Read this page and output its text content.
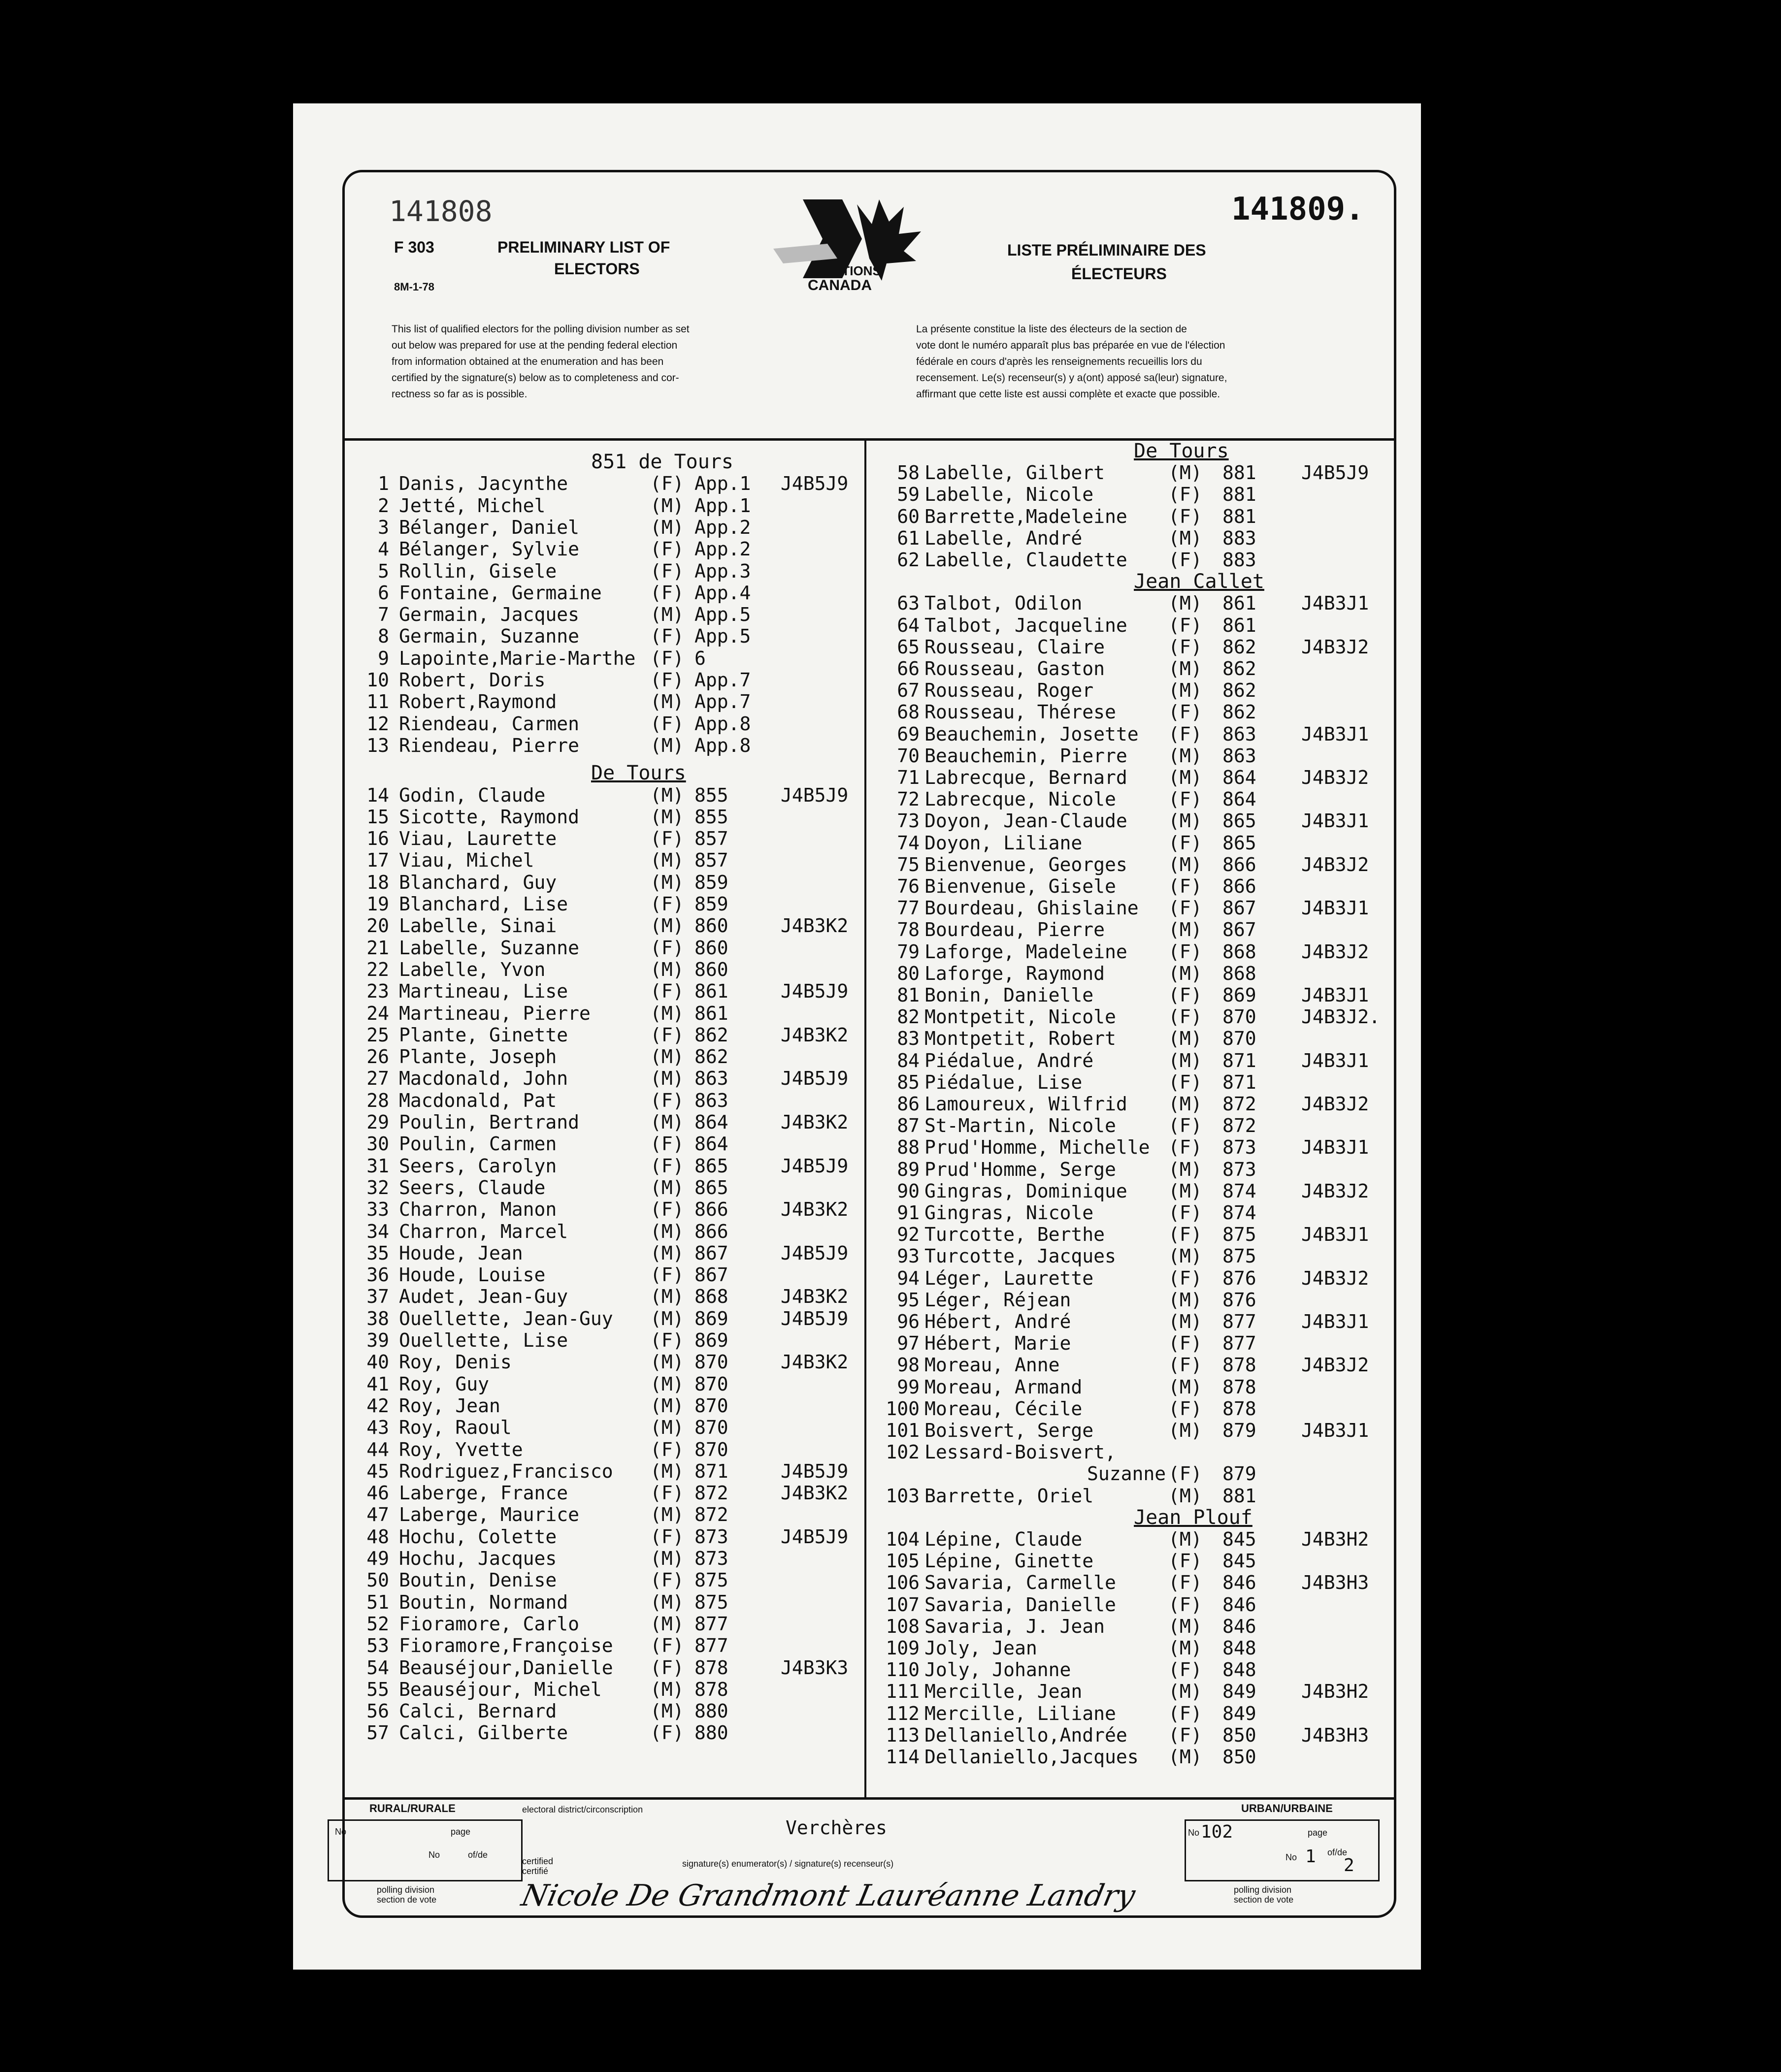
141808	141809.
F 303
8M-1-78
PRELIMINARY LIST OF
ELECTORS
LISTE PRÉLIMINAIRE DES
ÉLECTEURS
ELECTIONS
CANADA
This list of qualified electors for the polling division number as set
out below was prepared for use at the pending federal election
from information obtained at the enumeration and has been
certified by the signature(s) below as to completeness and cor-
rectness so far as is possible.
La présente constitue la liste des électeurs de la section de
vote dont le numéro apparaît plus bas préparée en vue de l'élection
fédérale en cours d'après les renseignements recueillis lors du
recensement. Le(s) recenseur(s) y a(ont) apposé sa(leur) signature,
affirmant que cette liste est aussi complète et exacte que possible.
851 de Tours
1 Danis, Jacynthe	(F) App.1 J4B5J9
2 Jetté, Michel	(M) App.1
3 Bélanger, Daniel	(M) App.2
4 Bélanger, Sylvie	(F) App.2
5 Rollin, Gisele	(F) App.3
6 Fontaine, Germaine	(F) App.4
7 Germain, Jacques	(M) App.5
8 Germain, Suzanne	(F) App.5
9 Lapointe,Marie-Marthe (F) 6
10 Robert, Doris	(F) App.7
11 Robert,Raymond	(M) App.7
12 Riendeau, Carmen	(F) App.8
13 Riendeau, Pierre	(M) App.8
De Tours
14 Godin, Claude	(M) 855	J4B5J9
15 Sicotte, Raymond	(M) 855
16 Viau, Laurette	(F) 857
17 Viau, Michel	(M) 857
18 Blanchard, Guy	(M) 859
19 Blanchard, Lise	(F) 859
20 Labelle, Sinai	(M) 860	J4B3K2
21 Labelle, Suzanne	(F) 860
22 Labelle, Yvon	(M) 860
23 Martineau, Lise	(F) 861	J4B5J9
24 Martineau, Pierre	(M) 861
25 Plante, Ginette	(F) 862	J4B3K2
26 Plante, Joseph	(M) 862
27 Macdonald, John	(M) 863	J4B5J9
28 Macdonald, Pat	(F) 863
29 Poulin, Bertrand	(M) 864	J4B3K2
30 Poulin, Carmen	(F) 864
31 Seers, Carolyn	(F) 865	J4B5J9
32 Seers, Claude	(M) 865
33 Charron, Manon	(F) 866	J4B3K2
34 Charron, Marcel	(M) 866
35 Houde, Jean	(M) 867	J4B5J9
36 Houde, Louise	(F) 867
37 Audet, Jean-Guy	(M) 868	J4B3K2
38 Ouellette, Jean-Guy (M) 869	J4B5J9
39 Ouellette, Lise	(F) 869
40 Roy, Denis	(M) 870	J4B3K2
41 Roy, Guy	(M) 870
42 Roy, Jean	(M) 870
43 Roy, Raoul	(M) 870
44 Roy, Yvette	(F) 870
45 Rodriguez,Francisco (M) 871	J4B5J9
46 Laberge, France	(F) 872	J4B3K2
47 Laberge, Maurice	(M) 872
48 Hochu, Colette	(F) 873	J4B5J9
49 Hochu, Jacques	(M) 873
50 Boutin, Denise	(F) 875
51 Boutin, Normand	(M) 875
52 Fioramore, Carlo	(M) 877
53 Fioramore,Françoise (F) 877
54 Beauséjour,Danielle (F) 878	J4B3K3
55 Beauséjour, Michel	(M) 878
56 Calci, Bernard	(M) 880
57 Calci, Gilberte	(F) 880
De Tours
58 Labelle, Gilbert	(M) 881 J4B5J9
59 Labelle, Nicole	(F) 881
60 Barrette,Madeleine (F) 881
61 Labelle, André	(M) 883
62 Labelle, Claudette (F) 883
Jean Callet
63 Talbot, Odilon	(M) 861 J4B3J1
64 Talbot, Jacqueline (F) 861
65 Rousseau, Claire	(F) 862 J4B3J2
66 Rousseau, Gaston	(M) 862
67 Rousseau, Roger	(M) 862
68 Rousseau, Thérese	(F) 862
69 Beauchemin, Josette (F) 863 J4B3J1
70 Beauchemin, Pierre (M) 863
71 Labrecque, Bernard (M) 864 J4B3J2
72 Labrecque, Nicole	(F) 864
73 Doyon, Jean-Claude (M) 865 J4B3J1
74 Doyon, Liliane	(F) 865
75 Bienvenue, Georges (M) 866 J4B3J2
76 Bienvenue, Gisele	(F) 866
77 Bourdeau, Ghislaine (F) 867 J4B3J1
78 Bourdeau, Pierre	(M) 867
79 Laforge, Madeleine (F) 868 J4B3J2
80 Laforge, Raymond	(M) 868
81 Bonin, Danielle	(F) 869 J4B3J1
82 Montpetit, Nicole	(F) 870 J4B3J2.
83 Montpetit, Robert	(M) 870
84 Piédalue, André	(M) 871 J4B3J1
85 Piédalue, Lise	(F) 871
86 Lamoureux, Wilfrid (M) 872 J4B3J2
87 St-Martin, Nicole	(F) 872
88 Prud'Homme, Michelle (F) 873 J4B3J1
89 Prud'Homme, Serge	(M) 873
90 Gingras, Dominique (M) 874 J4B3J2
91 Gingras, Nicole	(F) 874
92 Turcotte, Berthe	(F) 875 J4B3J1
93 Turcotte, Jacques	(M) 875
94 Léger, Laurette	(F) 876 J4B3J2
95 Léger, Réjean	(M) 876
96 Hébert, André	(M) 877 J4B3J1
97 Hébert, Marie	(F) 877
98 Moreau, Anne	(F) 878 J4B3J2
99 Moreau, Armand	(M) 878
100 Moreau, Cécile	(F) 878
101 Boisvert, Serge	(M) 879 J4B3J1
102 Lessard-Boisvert,
Suzanne (F) 879
103 Barrette, Oriel	(M) 881
Jean Plouf
104 Lépine, Claude	(M) 845 J4B3H2
105 Lépine, Ginette	(F) 845
106 Savaria, Carmelle	(F) 846 J4B3H3
107 Savaria, Danielle	(F) 846
108 Savaria, J. Jean	(M) 846
109 Joly, Jean	(M) 848
110 Joly, Johanne	(F) 848
111 Mercille, Jean	(M) 849 J4B3H2
112 Mercille, Liliane	(F) 849
113 Dellaniello,Andrée (F) 850 J4B3H3
114 Dellaniello,Jacques (M) 850
RURAL/RURALE	URBAN/URBAINE
electoral district/circonscription
Verchères
No	page
No	of/de
No 102	page
No 1 of/de
2
certified
certifié
signature(s) enumerator(s) / signature(s) recenseur(s)
Nicole De Grandmont Lauréanne Landry
polling division
section de vote
polling division
section de vote
